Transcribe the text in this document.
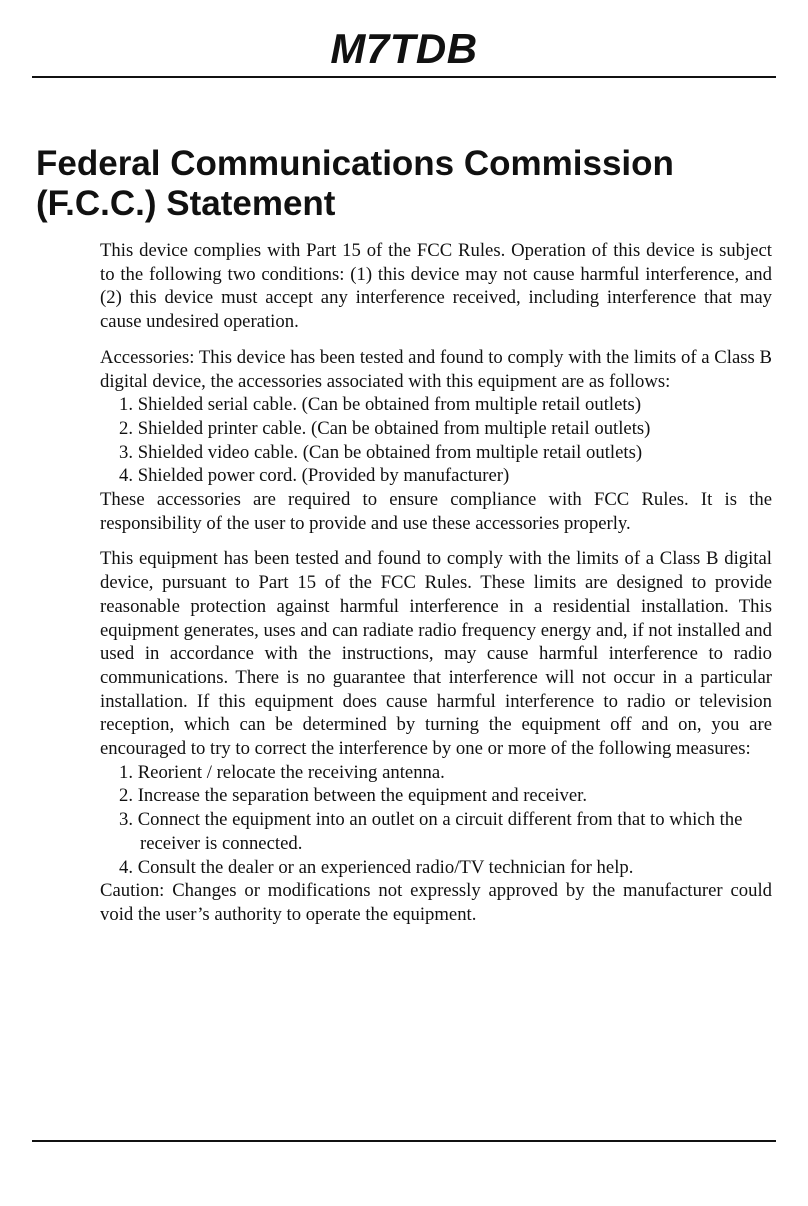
M7TDB
Federal Communications Commission
(F.C.C.) Statement

This device complies with Part 15 of the FCC Rules. Operation of this device is subject to the following two conditions: (1) this device may not cause harmful interference, and (2) this device must accept any interference received, including interference that may cause undesired operation.

Accessories: This device has been tested and found to comply with the limits of a Class B digital device, the accessories associated with this equipment are as follows:

1. Shielded serial cable. (Can be obtained from multiple retail outlets)
2. Shielded printer cable. (Can be obtained from multiple retail outlets)
3. Shielded video cable. (Can be obtained from multiple retail outlets)
4. Shielded power cord. (Provided by manufacturer)

These accessories are required to ensure compliance with FCC Rules. It is the responsibility of the user to provide and use these accessories properly.

This equipment has been tested and found to comply with the limits of a Class B digital device, pursuant to Part 15 of the FCC Rules. These limits are designed to provide reasonable protection against harmful interference in a residential installation. This equipment generates, uses and can radiate radio frequency energy and, if not installed and used in accordance with the instructions, may cause harmful interference to radio communications. There is no guarantee that interference will not occur in a particular installation. If this equipment does cause harmful interference to radio or television reception, which can be determined by turning the equipment off and on, you are encouraged to try to correct the interference by one or more of the following measures:

1. Reorient / relocate the receiving antenna.
2. Increase the separation between the equipment and receiver.
3. Connect the equipment into an outlet on a circuit different from that to which the receiver is connected.
4. Consult the dealer or an experienced radio/TV technician for help.

Caution: Changes or modifications not expressly approved by the manufacturer could void the user’s authority to operate the equipment.
